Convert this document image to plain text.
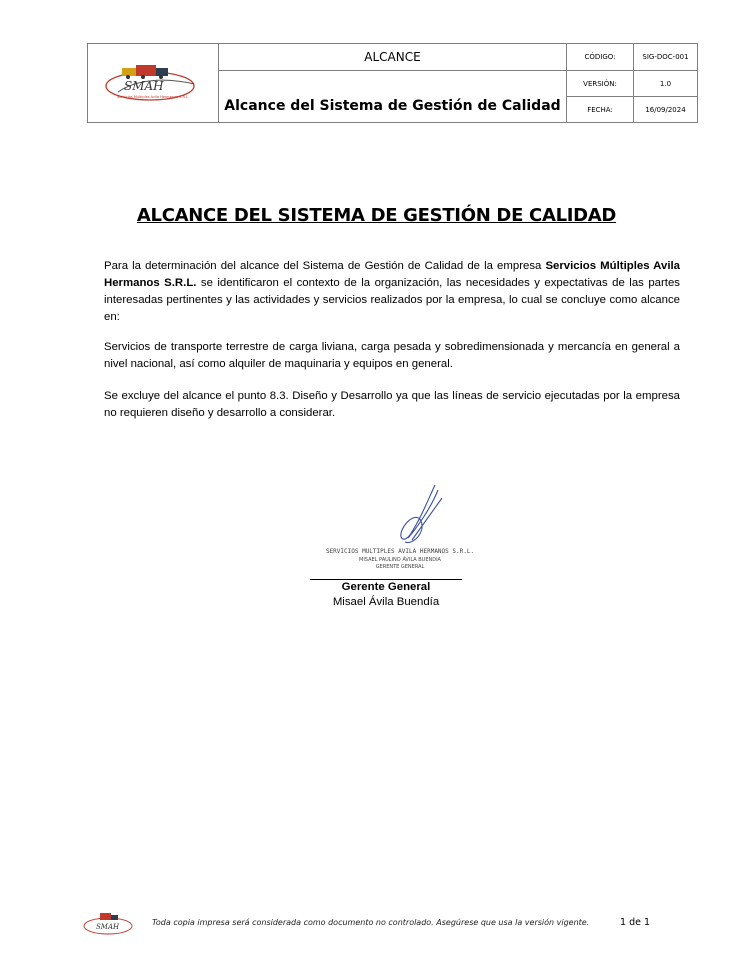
SMAH
Servicios Múltiples Avila Hermanos S.R.L.
ALCANCE	CÓDIGO:	SIG-DOC-001
Alcance del Sistema de Gestión de Calidad
VERSIÓN:	1.0
FECHA:	16/09/2024
ALCANCE DEL SISTEMA DE GESTIÓN DE CALIDAD

Para la determinación del alcance del Sistema de Gestión de Calidad de la empresa Servicios Múltiples Avila Hermanos S.R.L. se identificaron el contexto de la organización, las necesidades y expectativas de las partes interesadas pertinentes y las actividades y servicios realizados por la empresa, lo cual se concluye como alcance en:

Servicios de transporte terrestre de carga liviana, carga pesada y sobredimensionada y mercancía en general a nivel nacional, así como alquiler de maquinaria y equipos en general.

Se excluye del alcance el punto 8.3. Diseño y Desarrollo ya que las líneas de servicio ejecutadas por la empresa no requieren diseño y desarrollo a considerar.

SERVICIOS MULTIPLES AVILA HERMANOS S.R.L.
MISAEL PAULINO ÁVILA BUENDIA
GERENTE GENERAL
Gerente General
Misael Ávila Buendía
SMAH	Toda copia impresa será considerada como documento no controlado. Asegúrese que usa la versión vigente.	1 de 1
